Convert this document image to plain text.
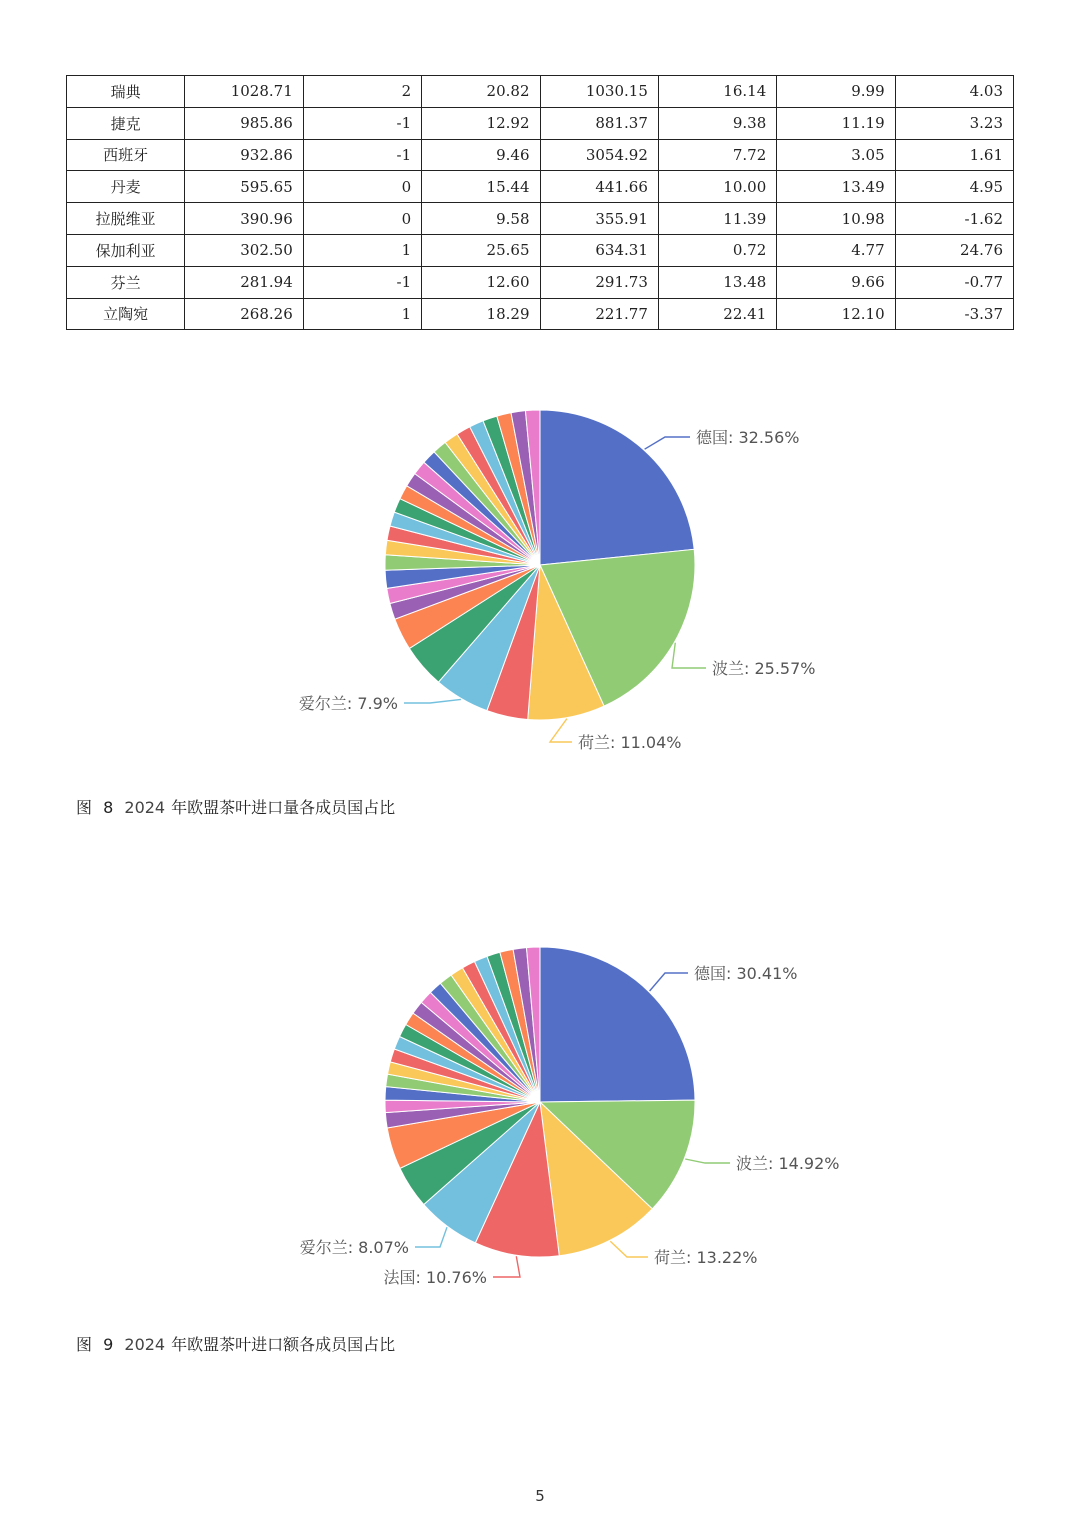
瑞典	1028.71	2	20.82	1030.15	16.14	9.99	4.03
捷克	985.86	-1	12.92	881.37	9.38	11.19	3.23
西班牙	932.86	-1	9.46	3054.92	7.72	3.05	1.61
丹麦	595.65	0	15.44	441.66	10.00	13.49	4.95
拉脱维亚	390.96	0	9.58	355.91	11.39	10.98	-1.62
保加利亚	302.50	1	25.65	634.31	0.72	4.77	24.76
芬兰	281.94	-1	12.60	291.73	13.48	9.66	-0.77
立陶宛	268.26	1	18.29	221.77	22.41	12.10	-3.37
德国: 32.56%
波兰: 25.57%
荷兰: 11.04%
爱尔兰: 7.9%
图 8 2024 年欧盟茶叶进口量各成员国占比
德国: 30.41%
波兰: 14.92%
荷兰: 13.22%
法国: 10.76%
爱尔兰: 8.07%
图 9 2024 年欧盟茶叶进口额各成员国占比
5
